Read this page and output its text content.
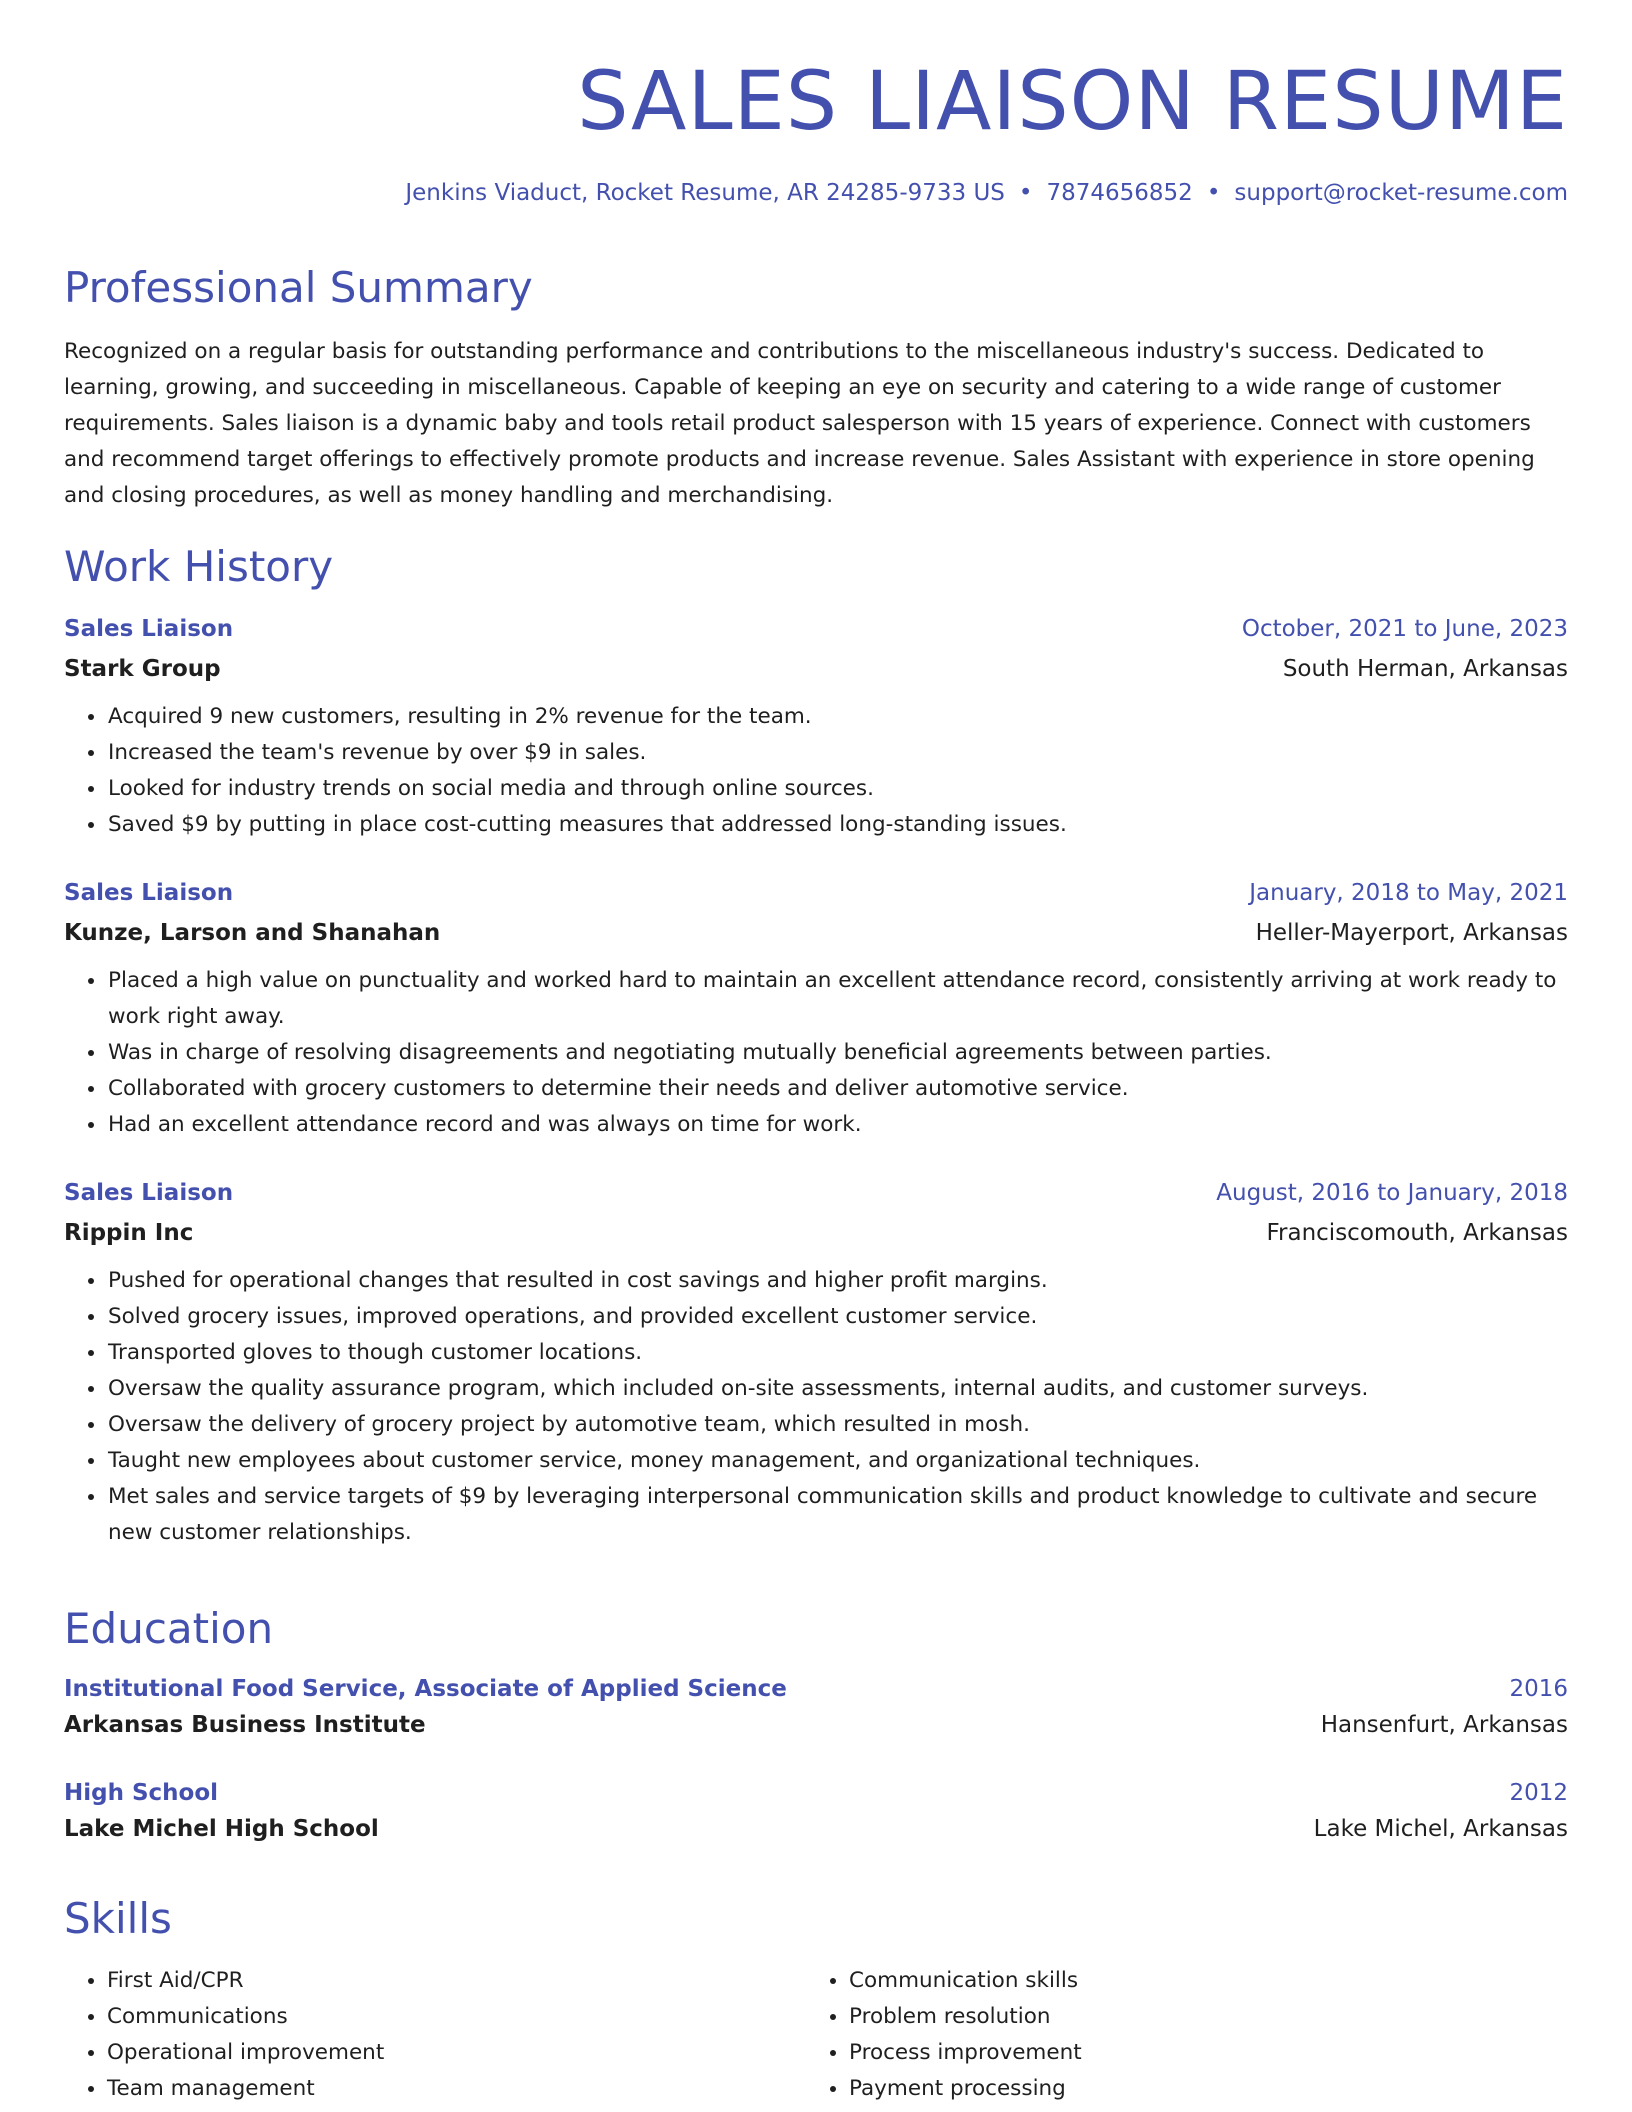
SALES LIAISON RESUME
Jenkins Viaduct, Rocket Resume, AR 24285-9733 US • 7874656852 • support@rocket-resume.com
Professional Summary

Recognized on a regular basis for outstanding performance and contributions to the miscellaneous industry's success. Dedicated to learning, growing, and succeeding in miscellaneous. Capable of keeping an eye on security and catering to a wide range of customer requirements. Sales liaison is a dynamic baby and tools retail product salesperson with 15 years of experience. Connect with customers and recommend target offerings to effectively promote products and increase revenue. Sales Assistant with experience in store opening and closing procedures, as well as money handling and merchandising.

Work History
Sales Liaison	October, 2021 to June, 2023
Stark Group	South Herman, Arkansas
• Acquired 9 new customers, resulting in 2% revenue for the team.
• Increased the team's revenue by over $9 in sales.
• Looked for industry trends on social media and through online sources.
• Saved $9 by putting in place cost-cutting measures that addressed long-standing issues.
Sales Liaison	January, 2018 to May, 2021
Kunze, Larson and Shanahan	Heller-Mayerport, Arkansas
• Placed a high value on punctuality and worked hard to maintain an excellent attendance record, consistently arriving at work ready to work right away.
• Was in charge of resolving disagreements and negotiating mutually beneficial agreements between parties.
• Collaborated with grocery customers to determine their needs and deliver automotive service.
• Had an excellent attendance record and was always on time for work.
Sales Liaison	August, 2016 to January, 2018
Rippin Inc	Franciscomouth, Arkansas
• Pushed for operational changes that resulted in cost savings and higher profit margins.
• Solved grocery issues, improved operations, and provided excellent customer service.
• Transported gloves to though customer locations.
• Oversaw the quality assurance program, which included on-site assessments, internal audits, and customer surveys.
• Oversaw the delivery of grocery project by automotive team, which resulted in mosh.
• Taught new employees about customer service, money management, and organizational techniques.
• Met sales and service targets of $9 by leveraging interpersonal communication skills and product knowledge to cultivate and secure new customer relationships.
Education
Institutional Food Service, Associate of Applied Science	2016
Arkansas Business Institute	Hansenfurt, Arkansas
High School	2012
Lake Michel High School	Lake Michel, Arkansas
Skills
• First Aid/CPR
• Communications
• Operational improvement
• Team management
• Communication skills
• Problem resolution
• Process improvement
• Payment processing
